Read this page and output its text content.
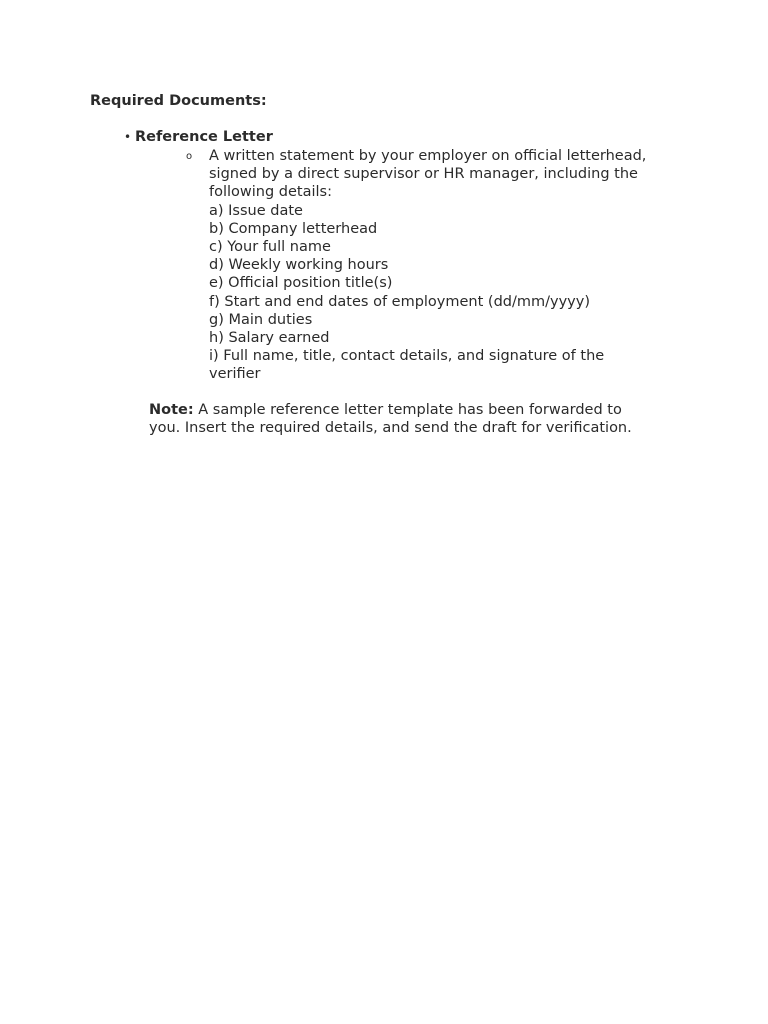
Required Documents:
• Reference Letter
o A written statement by your employer on official letterhead,
signed by a direct supervisor or HR manager, including the
following details:
a) Issue date
b) Company letterhead
c) Your full name
d) Weekly working hours
e) Official position title(s)
f) Start and end dates of employment (dd/mm/yyyy)
g) Main duties
h) Salary earned
i) Full name, title, contact details, and signature of the
verifier
Note: A sample reference letter template has been forwarded to
you. Insert the required details, and send the draft for verification.
